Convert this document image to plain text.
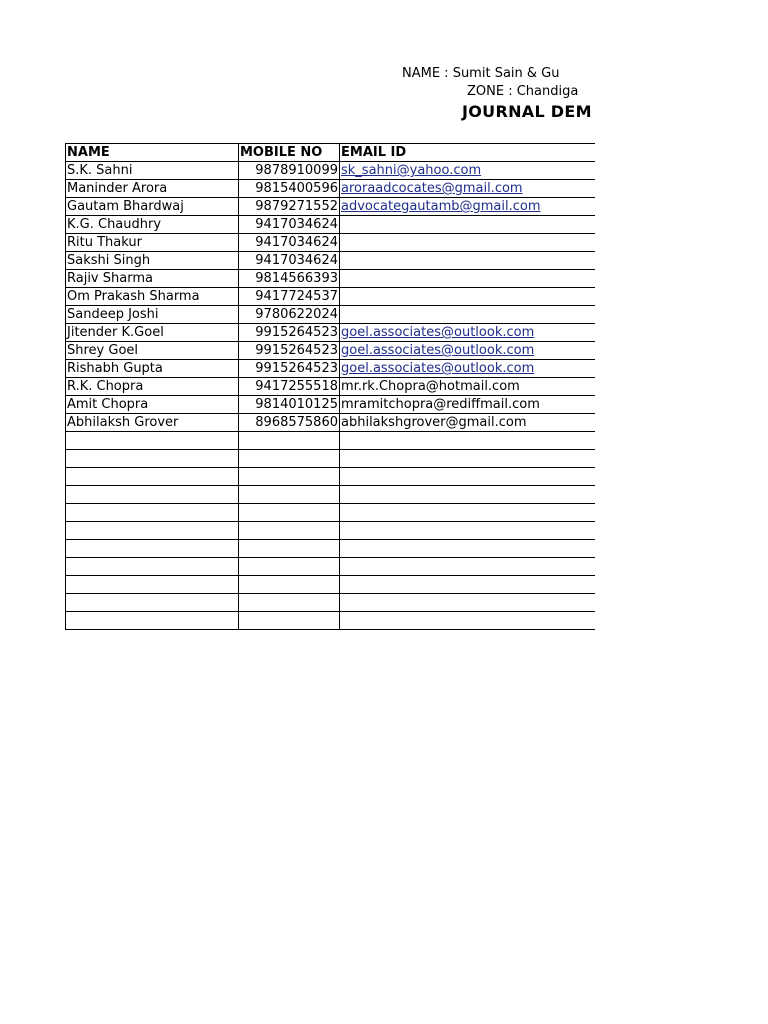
NAME : Sumit Sain & Gu
ZONE : Chandiga
JOURNAL DEM
NAME	MOBILE NO	EMAIL ID
S.K. Sahni	9878910099	sk_sahni@yahoo.com
Maninder Arora	9815400596	aroraadcocates@gmail.com
Gautam Bhardwaj	9879271552	advocategautamb@gmail.com
K.G. Chaudhry	9417034624	
Ritu Thakur	9417034624	
Sakshi Singh	9417034624	
Rajiv Sharma	9814566393	
Om Prakash Sharma	9417724537	
Sandeep Joshi	9780622024	
Jitender K.Goel	9915264523	goel.associates@outlook.com
Shrey Goel	9915264523	goel.associates@outlook.com
Rishabh Gupta	9915264523	goel.associates@outlook.com
R.K. Chopra	9417255518	mr.rk.Chopra@hotmail.com
Amit Chopra	9814010125	mramitchopra@rediffmail.com
Abhilaksh Grover	8968575860	abhilakshgrover@gmail.com
